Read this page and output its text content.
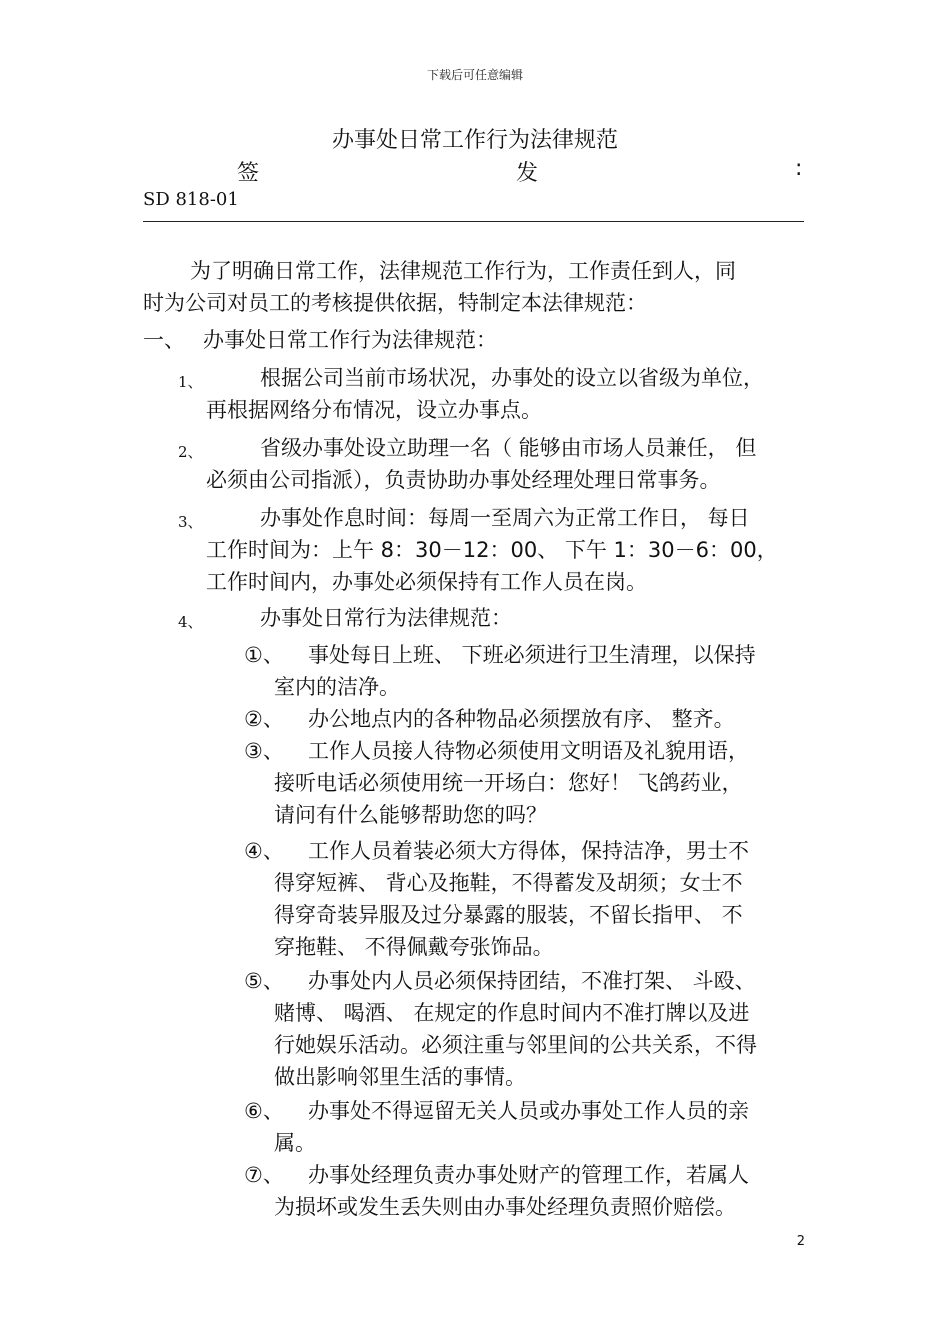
下载后可任意编辑
办事处日常工作行为法律规范
签	发	:
SD 818-01
为了明确日常工作，法律规范工作行为，工作责任到人，同
时为公司对员工的考核提供依据，特制定本法律规范：
一、 办事处日常工作行为法律规范：
1、	根据公司当前市场状况，办事处的设立以省级为单位，
再根据网络分布情况，设立办事点。
2、	省级办事处设立助理一名（ 能够由市场人员兼任， 但
必须由公司指派），负责协助办事处经理处理日常事务。
3、	办事处作息时间：每周一至周六为正常工作日， 每日
工作时间为：上午 8：30－12：00、 下午 1：30－6：00，
工作时间内，办事处必须保持有工作人员在岗。
4、	办事处日常行为法律规范：
①、 事处每日上班、 下班必须进行卫生清理，以保持
室内的洁净。
②、 办公地点内的各种物品必须摆放有序、 整齐。
③、 工作人员接人待物必须使用文明语及礼貌用语，
接听电话必须使用统一开场白：您好！ 飞鸽药业，
请问有什么能够帮助您的吗？
④、 工作人员着装必须大方得体，保持洁净，男士不
得穿短裤、 背心及拖鞋，不得蓄发及胡须；女士不
得穿奇装异服及过分暴露的服装，不留长指甲、 不
穿拖鞋、 不得佩戴夸张饰品。
⑤、 办事处内人员必须保持团结，不准打架、 斗殴、
赌博、 喝酒、 在规定的作息时间内不准打牌以及进
行她娱乐活动。必须注重与邻里间的公共关系，不得
做出影响邻里生活的事情。
⑥、 办事处不得逗留无关人员或办事处工作人员的亲
属。
⑦、 办事处经理负责办事处财产的管理工作，若属人
为损坏或发生丢失则由办事处经理负责照价赔偿。
2
